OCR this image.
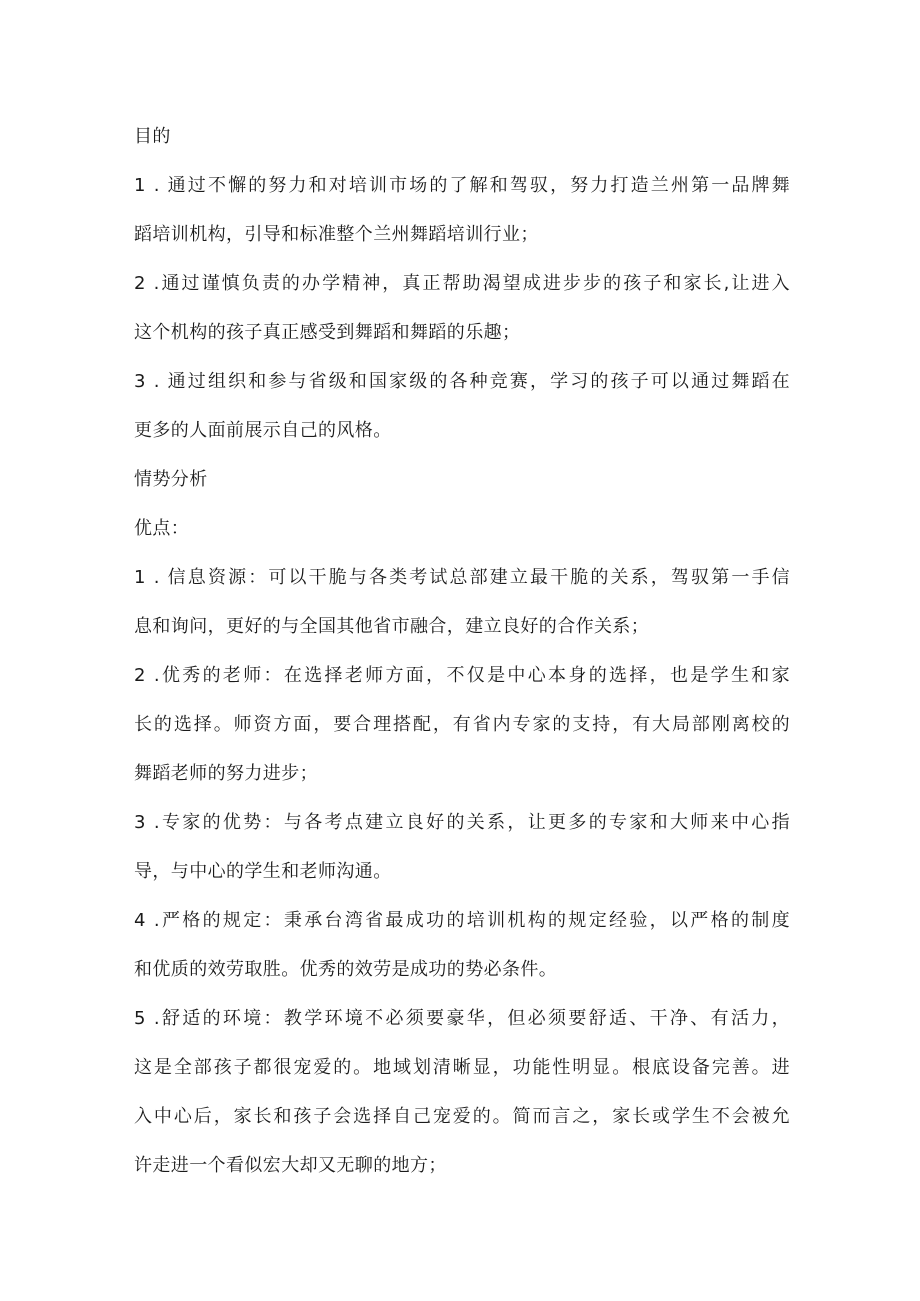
目的
1 . 通过不懈的努力和对培训市场的了解和驾驭，努力打造兰州第一品牌舞
蹈培训机构，引导和标准整个兰州舞蹈培训行业；
2 .通过谨慎负责的办学精神，真正帮助渴望成进步步的孩子和家长,让进入
这个机构的孩子真正感受到舞蹈和舞蹈的乐趣；
3 . 通过组织和参与省级和国家级的各种竞赛，学习的孩子可以通过舞蹈在
更多的人面前展示自己的风格。
情势分析
优点：
1 . 信息资源：可以干脆与各类考试总部建立最干脆的关系，驾驭第一手信
息和询问，更好的与全国其他省市融合，建立良好的合作关系；
2 .优秀的老师：在选择老师方面，不仅是中心本身的选择，也是学生和家
长的选择。师资方面，要合理搭配，有省内专家的支持，有大局部刚离校的
舞蹈老师的努力进步；
3 .专家的优势：与各考点建立良好的关系，让更多的专家和大师来中心指
导，与中心的学生和老师沟通。
4 .严格的规定：秉承台湾省最成功的培训机构的规定经验，以严格的制度
和优质的效劳取胜。优秀的效劳是成功的势必条件。
5 .舒适的环境：教学环境不必须要豪华，但必须要舒适、干净、有活力，
这是全部孩子都很宠爱的。地域划清晰显，功能性明显。根底设备完善。进
入中心后，家长和孩子会选择自己宠爱的。简而言之，家长或学生不会被允
许走进一个看似宏大却又无聊的地方；
